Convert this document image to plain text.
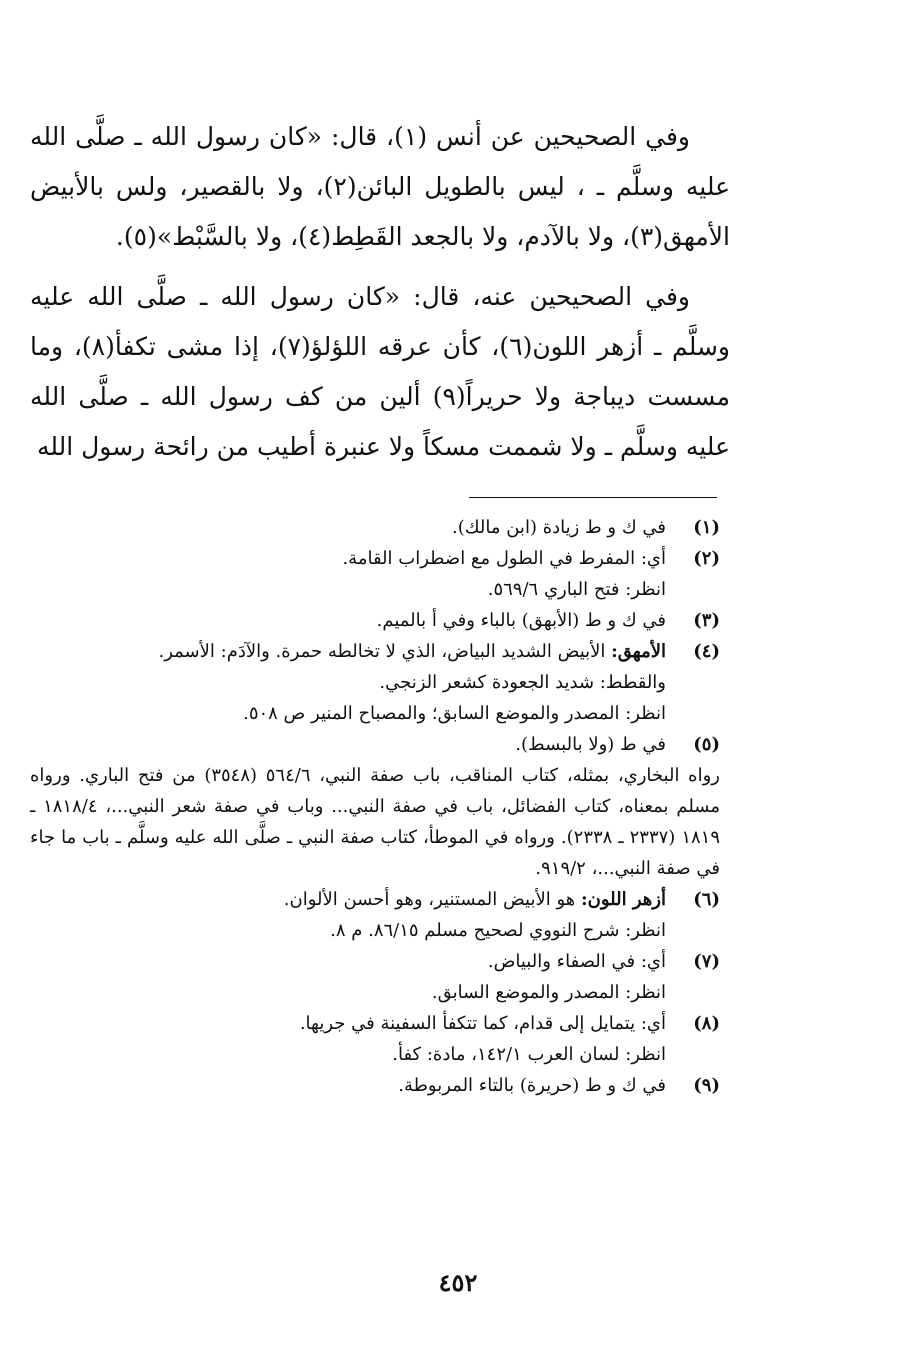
وفي الصحيحين عن أنس (١)، قال: «كان رسول الله ـ صلَّى الله عليه وسلَّم ـ ، ليس بالطويل البائن(٢)، ولا بالقصير، ولس بالأبيض الأمهق(٣)، ولا بالآدم، ولا بالجعد القَطِط(٤)، ولا بالسَّبْط»(٥).

وفي الصحيحين عنه، قال: «كان رسول الله ـ صلَّى الله عليه وسلَّم ـ أزهر اللون(٦)، كأن عرقه اللؤلؤ(٧)، إذا مشى تكفأ(٨)، وما مسست ديباجة ولا حريراً(٩) ألين من كف رسول الله ـ صلَّى الله عليه وسلَّم ـ ولا شممت مسكاً ولا عنبرة أطيب من رائحة رسول الله

(١)
في ك و ط زيادة (ابن مالك).
(٢)
أي: المفرط في الطول مع اضطراب القامة.
انظر: فتح الباري ٥٦٩/٦.
(٣)
في ك و ط (الأبهق) بالباء وفي أ بالميم.
(٤)
الأمهق: الأبيض الشديد البياض، الذي لا تخالطه حمرة. والآدَم: الأسمر.
والقطط: شديد الجعودة كشعر الزنجي.
انظر: المصدر والموضع السابق؛ والمصباح المنير ص ٥٠٨.
(٥)
في ط (ولا بالبسط).
رواه البخاري، بمثله، كتاب المناقب، باب صفة النبي، ٥٦٤/٦ (٣٥٤٨) من فتح الباري. ورواه مسلم بمعناه، كتاب الفضائل، باب في صفة النبي... وباب في صفة شعر النبي...، ١٨١٨/٤ ـ ١٨١٩ (٢٣٣٧ ـ ٢٣٣٨). ورواه في الموطأ، كتاب صفة النبي ـ صلَّى الله عليه وسلَّم ـ باب ما جاء في صفة النبي...، ٩١٩/٢.
(٦)
أزهر اللون: هو الأبيض المستنير، وهو أحسن الألوان.
انظر: شرح النووي لصحيح مسلم ٨٦/١٥. م ٨.
(٧)
أي: في الصفاء والبياض.
انظر: المصدر والموضع السابق.
(٨)
أي: يتمايل إلى قدام، كما تتكفأ السفينة في جريها.
انظر: لسان العرب ١٤٢/١، مادة: كفأ.
(٩)
في ك و ط (حريرة) بالتاء المربوطة.
٤٥٢
